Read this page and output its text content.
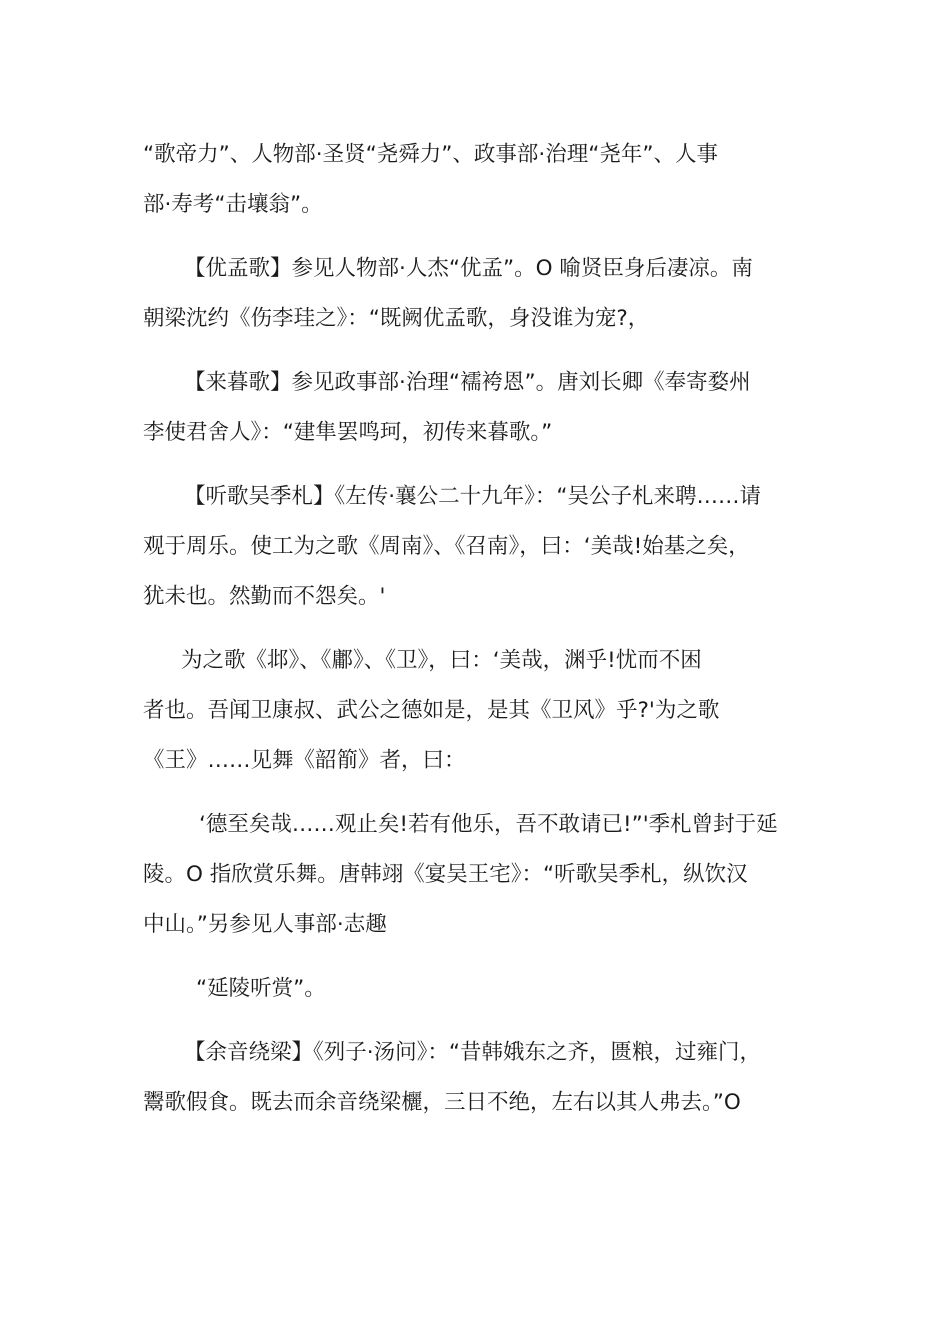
“歌帝力”、人物部·圣贤“尧舜力”、政事部·治理“尧年”、人事
部·寿考“击壤翁”。
【优孟歌】参见人物部·人杰“优孟”。O 喻贤臣身后凄凉。南
朝梁沈约《伤李珪之》：“既阙优孟歌，身没谁为宠?，
【来暮歌】参见政事部·治理“襦袴恩”。唐刘长卿《奉寄婺州
李使君舍人》：“建隼罢鸣珂，初传来暮歌。”
【听歌吴季札】《左传·襄公二十九年》：“吴公子札来聘……请
观于周乐。使工为之歌《周南》、《召南》，曰：‘美哉!始基之矣，
犹未也。然勤而不怨矣。'
为之歌《邶》、《鄘》、《卫》，曰：‘美哉，渊乎!忧而不困
者也。吾闻卫康叔、武公之德如是，是其《卫风》乎?'为之歌
《王》……见舞《韶箾》者，曰：
‘德至矣哉……观止矣!若有他乐，吾不敢请已!”'季札曾封于延
陵。O 指欣赏乐舞。唐韩翊《宴吴王宅》：“听歌吴季札，纵饮汉
中山。”另参见人事部·志趣
“延陵听赏”。
【余音绕梁】《列子·汤问》：“昔韩娥东之齐，匮粮，过雍门，
鬻歌假食。既去而余音绕梁欐，三日不绝，左右以其人弗去。”O
